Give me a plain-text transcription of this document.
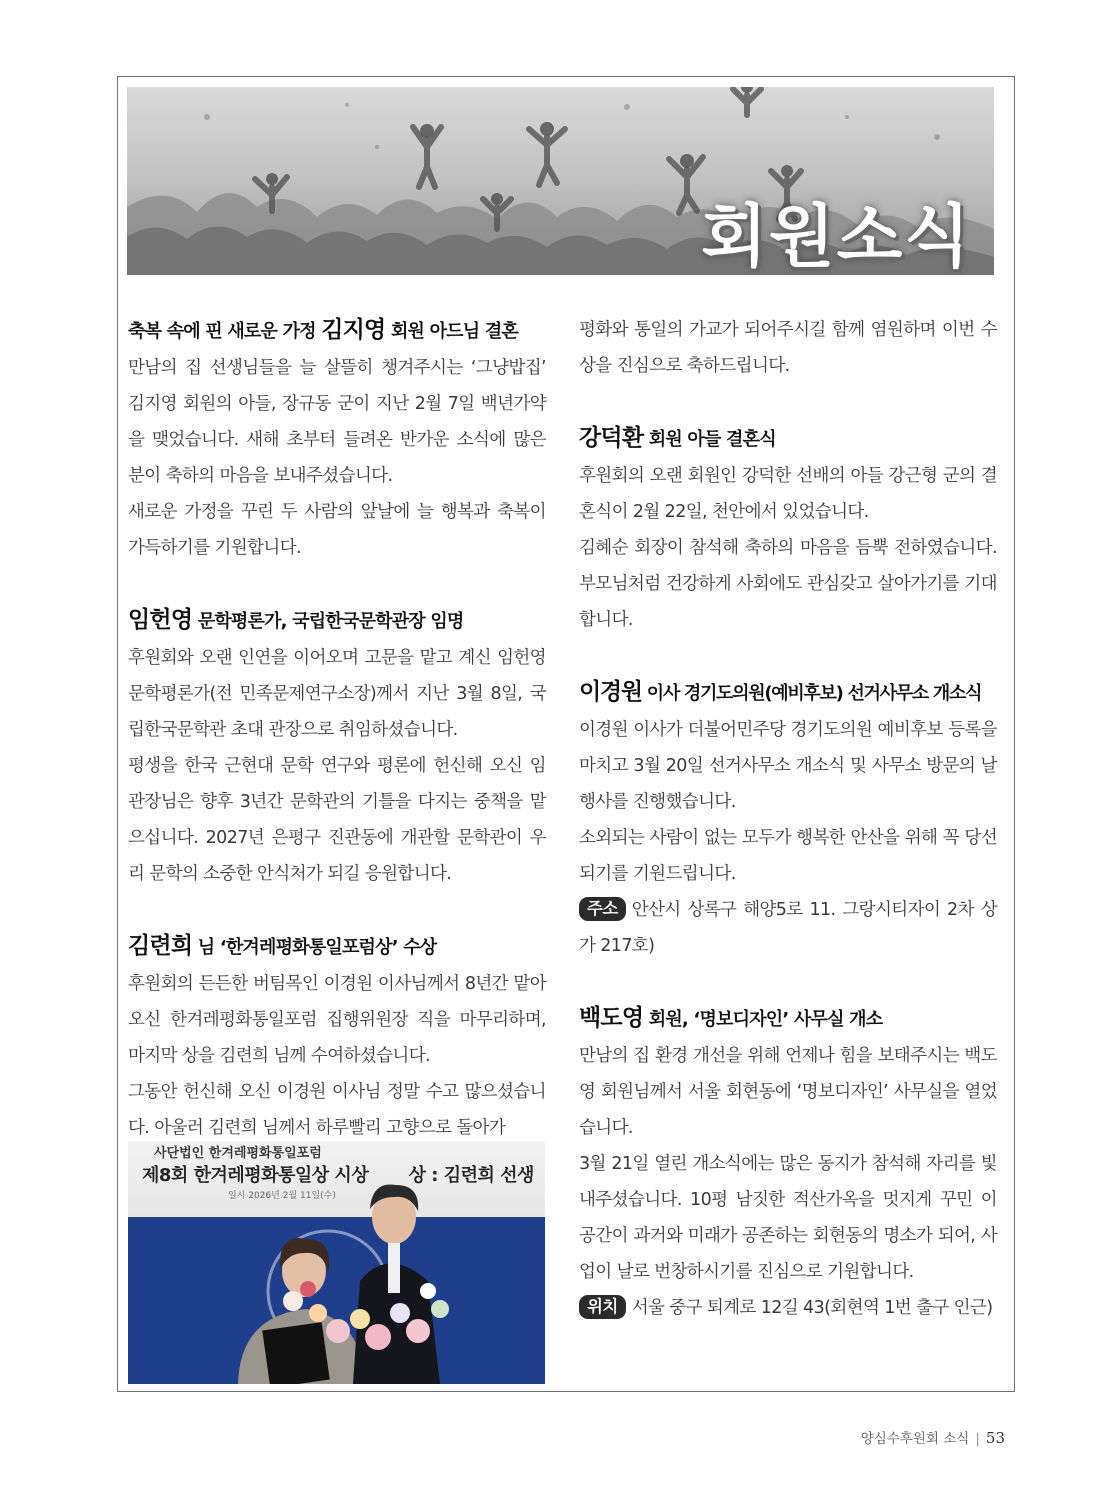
회원소식

축복 속에 핀 새로운 가정 김지영 회원 아드님 결혼

만남의 집 선생님들을 늘 살뜰히 챙겨주시는 ‘그냥밥집’ 김지영 회원의 아들, 장규동 군이 지난 2월 7일 백년가약을 맺었습니다. 새해 초부터 들려온 반가운 소식에 많은 분이 축하의 마음을 보내주셨습니다.

새로운 가정을 꾸린 두 사람의 앞날에 늘 행복과 축복이 가득하기를 기원합니다.

임헌영 문학평론가, 국립한국문학관장 임명

후원회와 오랜 인연을 이어오며 고문을 맡고 계신 임헌영 문학평론가(전 민족문제연구소장)께서 지난 3월 8일, 국립한국문학관 초대 관장으로 취임하셨습니다.

평생을 한국 근현대 문학 연구와 평론에 헌신해 오신 임 관장님은 향후 3년간 문학관의 기틀을 다지는 중책을 맡으십니다. 2027년 은평구 진관동에 개관할 문학관이 우리 문학의 소중한 안식처가 되길 응원합니다.

김련희 님 ‘한겨레평화통일포럼상’ 수상

후원회의 든든한 버팀목인 이경원 이사님께서 8년간 맡아오신 한겨레평화통일포럼 집행위원장 직을 마무리하며, 마지막 상을 김련희 님께 수여하셨습니다.

그동안 헌신해 오신 이경원 이사님 정말 수고 많으셨습니다. 아울러 김련희 님께서 하루빨리 고향으로 돌아가

사단법인 한겨레평화통일포럼
제8회 한겨레평화통일상 시상 상 : 김련희 선생
일시 2026년 2월 11일(수)

평화와 통일의 가교가 되어주시길 함께 염원하며 이번 수상을 진심으로 축하드립니다.

강덕환 회원 아들 결혼식

후원회의 오랜 회원인 강덕한 선배의 아들 강근형 군의 결혼식이 2월 22일, 천안에서 있었습니다.

김혜순 회장이 참석해 축하의 마음을 듬뿍 전하였습니다. 부모님처럼 건강하게 사회에도 관심갖고 살아가기를 기대합니다.

이경원 이사 경기도의원(예비후보) 선거사무소 개소식

이경원 이사가 더불어민주당 경기도의원 예비후보 등록을 마치고 3월 20일 선거사무소 개소식 및 사무소 방문의 날 행사를 진행했습니다.

소외되는 사람이 없는 모두가 행복한 안산을 위해 꼭 당선되기를 기원드립니다.

주소 안산시 상록구 해양5로 11. 그랑시티자이 2차 상가 217호)

백도영 회원, ‘명보디자인’ 사무실 개소

만남의 집 환경 개선을 위해 언제나 힘을 보태주시는 백도영 회원님께서 서울 회현동에 ‘명보디자인’ 사무실을 열었습니다.

3월 21일 열린 개소식에는 많은 동지가 참석해 자리를 빛내주셨습니다. 10평 남짓한 적산가옥을 멋지게 꾸민 이 공간이 과거와 미래가 공존하는 회현동의 명소가 되어, 사업이 날로 번창하시기를 진심으로 기원합니다.

위치 서울 중구 퇴계로 12길 43(회현역 1번 출구 인근)

양심수후원회 소식 | 53
